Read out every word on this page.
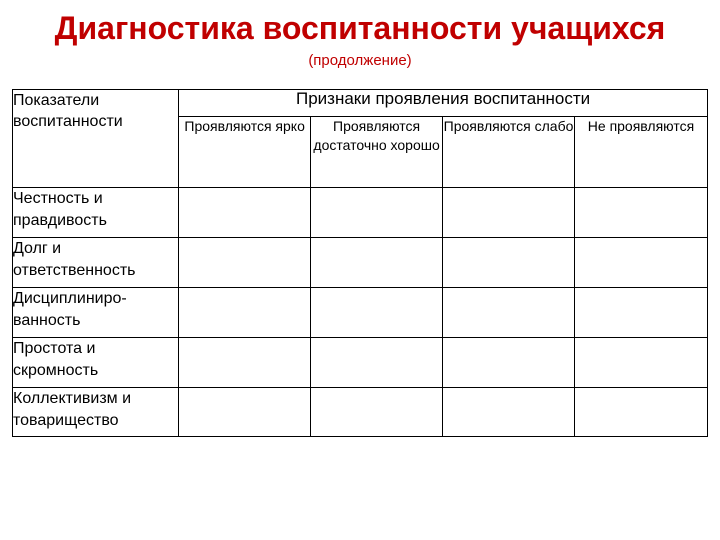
Диагностика воспитанности учащихся
(продолжение)
Показатели воспитанности	Признаки проявления воспитанности			
	Проявляются ярко	Проявляются достаточно хорошо	Проявляются слабо	Не проявляются
Честность и правдивость				
Долг и ответственность				
Дисциплиниро-ванность				
Простота и скромность				
Коллективизм и товарищество				
